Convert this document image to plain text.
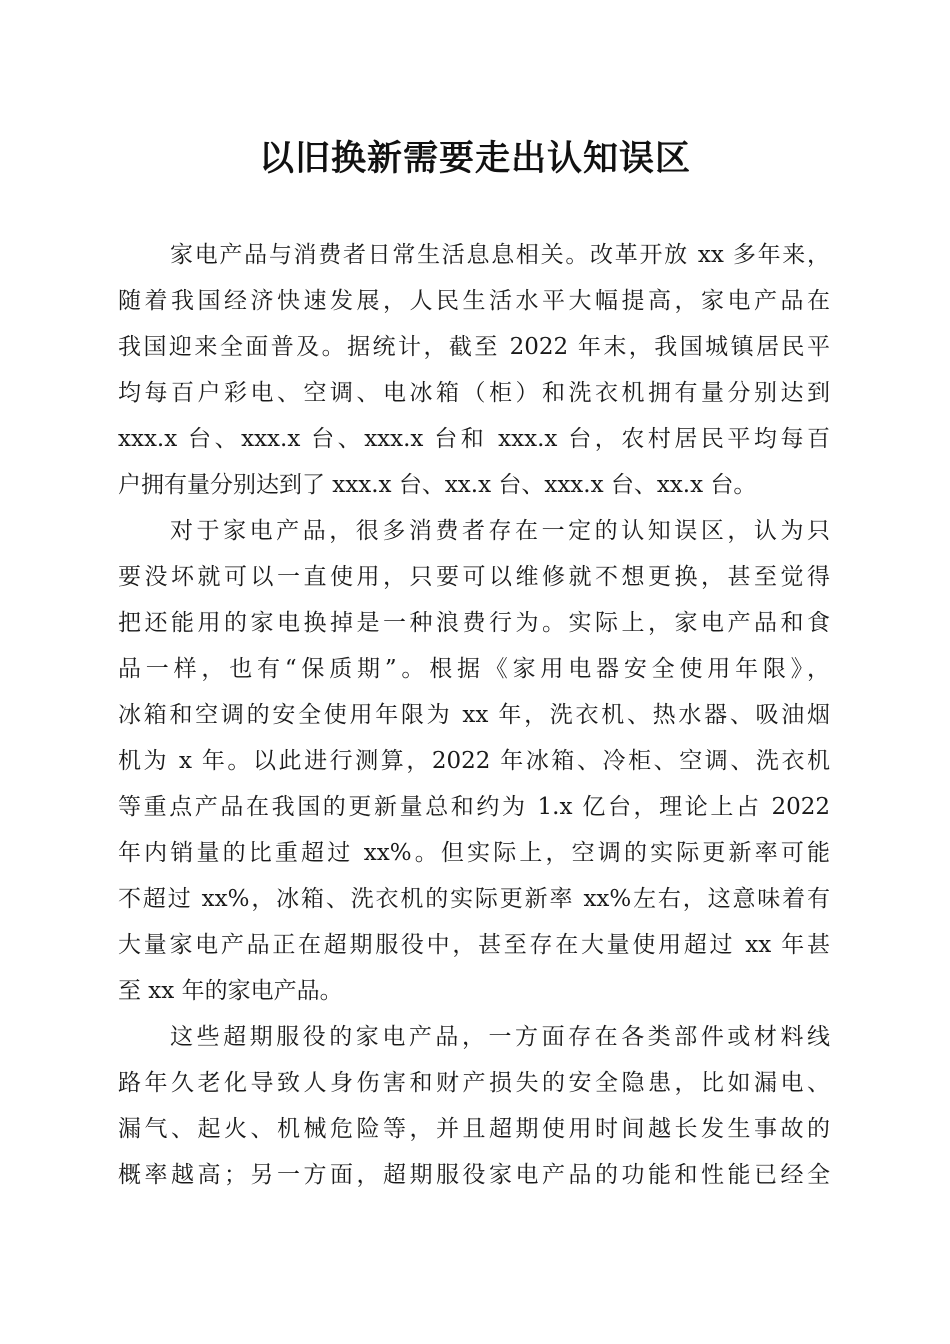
以旧换新需要走出认知误区
家电产品与消费者日常生活息息相关。改革开放 xx 多年来，
随着我国经济快速发展，人民生活水平大幅提高，家电产品在
我国迎来全面普及。据统计，截至 2022 年末，我国城镇居民平
均每百户彩电、空调、电冰箱（柜）和洗衣机拥有量分别达到
xxx.x 台、xxx.x 台、xxx.x 台和 xxx.x 台，农村居民平均每百
户拥有量分别达到了 xxx.x 台、xx.x 台、xxx.x 台、xx.x 台。
对于家电产品，很多消费者存在一定的认知误区，认为只
要没坏就可以一直使用，只要可以维修就不想更换，甚至觉得
把还能用的家电换掉是一种浪费行为。实际上，家电产品和食
品一样，也有“保质期”。根据《家用电器安全使用年限》，
冰箱和空调的安全使用年限为 xx 年，洗衣机、热水器、吸油烟
机为 x 年。以此进行测算，2022 年冰箱、冷柜、空调、洗衣机
等重点产品在我国的更新量总和约为 1.x 亿台，理论上占 2022
年内销量的比重超过 xx%。但实际上，空调的实际更新率可能
不超过 xx%，冰箱、洗衣机的实际更新率 xx%左右，这意味着有
大量家电产品正在超期服役中，甚至存在大量使用超过 xx 年甚
至 xx 年的家电产品。
这些超期服役的家电产品，一方面存在各类部件或材料线
路年久老化导致人身伤害和财产损失的安全隐患，比如漏电、
漏气、起火、机械危险等，并且超期使用时间越长发生事故的
概率越高；另一方面，超期服役家电产品的功能和性能已经全
